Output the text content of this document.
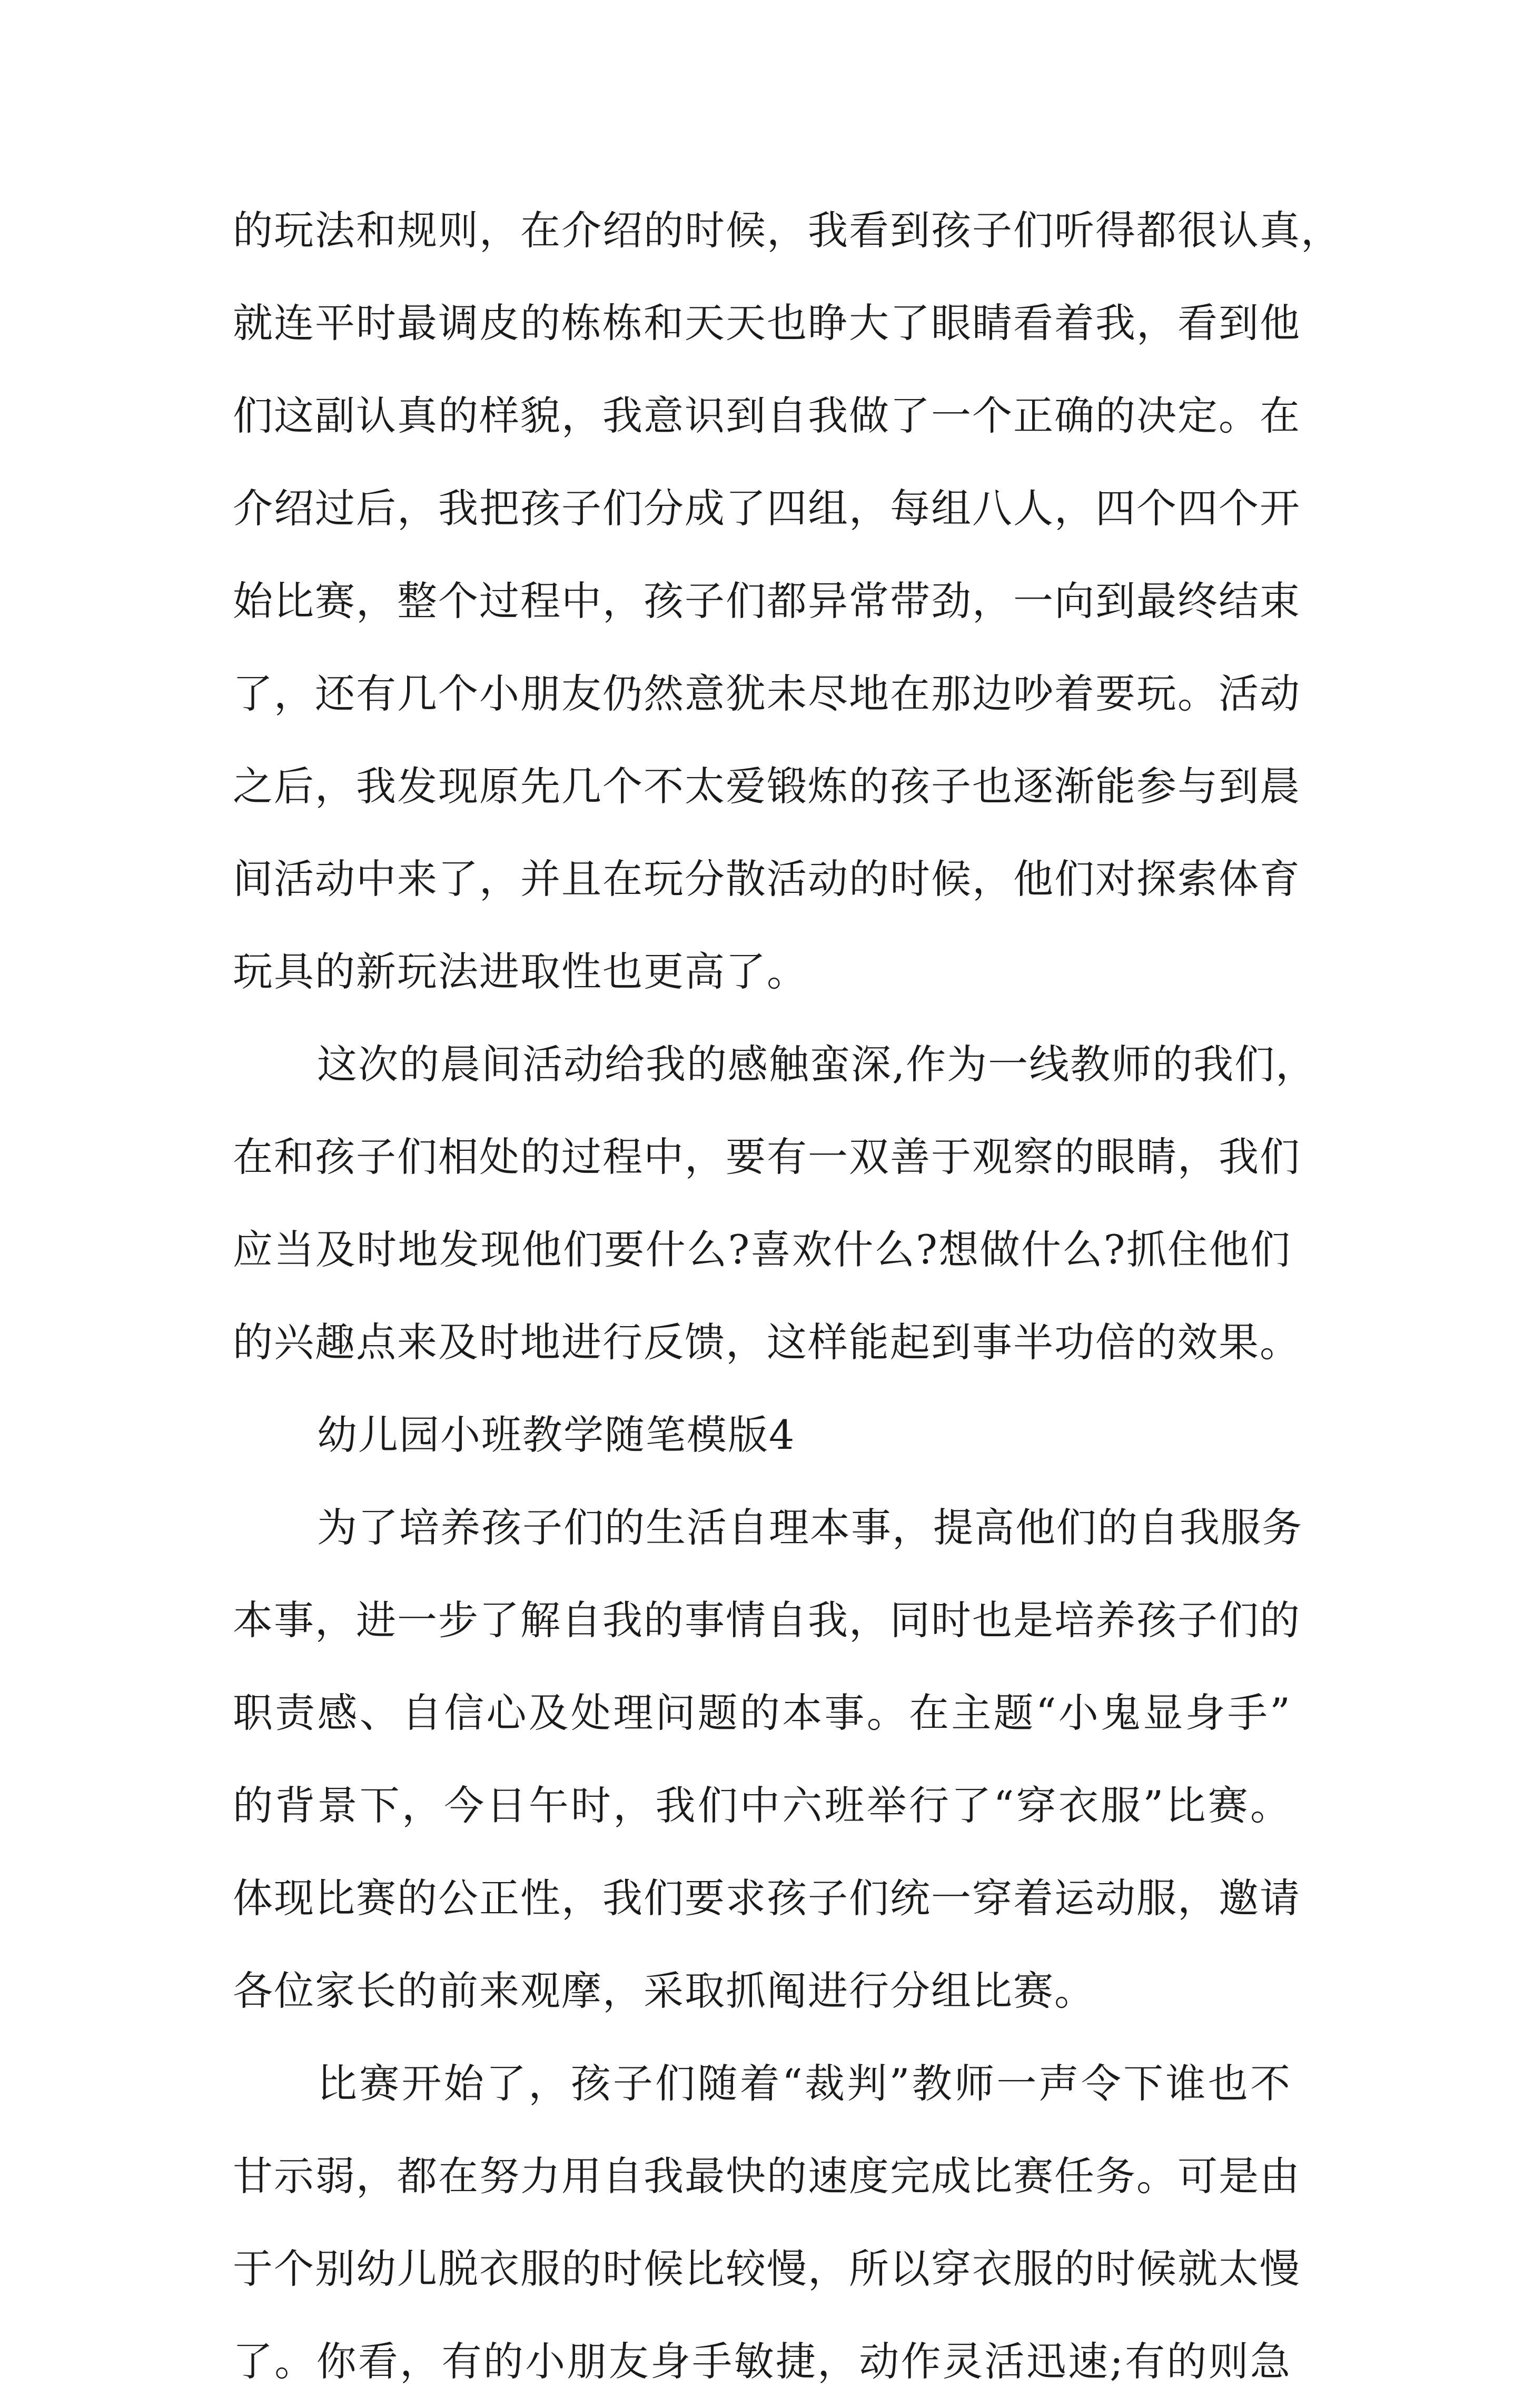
的玩法和规则，在介绍的时候，我看到孩子们听得都很认真，
就连平时最调皮的栋栋和天天也睁大了眼睛看着我，看到他
们这副认真的样貌，我意识到自我做了一个正确的决定。在
介绍过后，我把孩子们分成了四组，每组八人，四个四个开
始比赛，整个过程中，孩子们都异常带劲，一向到最终结束
了，还有几个小朋友仍然意犹未尽地在那边吵着要玩。活动
之后，我发现原先几个不太爱锻炼的孩子也逐渐能参与到晨
间活动中来了，并且在玩分散活动的时候，他们对探索体育
玩具的新玩法进取性也更高了。
这次的晨间活动给我的感触蛮深,作为一线教师的我们，
在和孩子们相处的过程中，要有一双善于观察的眼睛，我们
应当及时地发现他们要什么?喜欢什么?想做什么?抓住他们
的兴趣点来及时地进行反馈，这样能起到事半功倍的效果。
幼儿园小班教学随笔模版4
为了培养孩子们的生活自理本事，提高他们的自我服务
本事，进一步了解自我的事情自我，同时也是培养孩子们的
职责感、自信心及处理问题的本事。在主题“小鬼显身手”
的背景下，今日午时，我们中六班举行了“穿衣服”比赛。
体现比赛的公正性，我们要求孩子们统一穿着运动服，邀请
各位家长的前来观摩，采取抓阄进行分组比赛。
比赛开始了，孩子们随着“裁判”教师一声令下谁也不
甘示弱，都在努力用自我最快的速度完成比赛任务。可是由
于个别幼儿脱衣服的时候比较慢，所以穿衣服的时候就太慢
了。你看，有的小朋友身手敏捷，动作灵活迅速;有的则急
